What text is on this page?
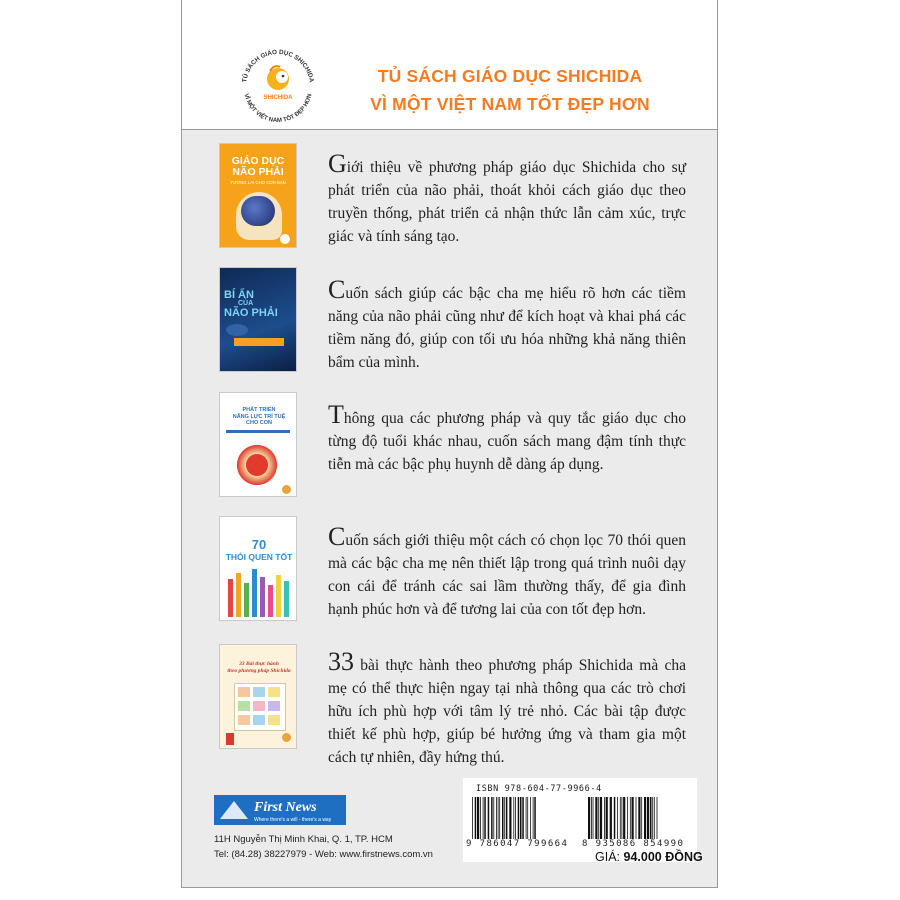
TỦ SÁCH GIÁO DỤC SHICHIDA
VÌ MỘT VIỆT NAM TỐT ĐẸP HƠN
SHICHIDA
TỦ SÁCH GIÁO DỤC SHICHIDA
VÌ MỘT VIỆT NAM TỐT ĐẸP HƠN
GIÁO DỤC
NÃO PHẢI
TƯƠNG LAI CHO CON BẠN
Giới thiệu về phương pháp giáo dục Shichida cho sự phát triển của não phải, thoát khỏi cách giáo dục theo truyền thống, phát triển cả nhận thức lẫn cảm xúc, trực giác và tính sáng tạo.
BÍ ẨN
CỦA
NÃO PHẢI
Cuốn sách giúp các bậc cha mẹ hiểu rõ hơn các tiềm năng của não phải cũng như để kích hoạt và khai phá các tiềm năng đó, giúp con tối ưu hóa những khả năng thiên bẩm của mình.
PHÁT TRIỂN
NĂNG LỰC TRÍ TUỆ
CHO CON	Thông qua các phương pháp và quy tắc giáo dục cho từng độ tuổi khác nhau, cuốn sách mang đậm tính thực tiễn mà các bậc phụ huynh dễ dàng áp dụng.
70
THÓI QUEN TỐT
Cuốn sách giới thiệu một cách có chọn lọc 70 thói quen mà các bậc cha mẹ nên thiết lập trong quá trình nuôi dạy con cái để tránh các sai lầm thường thấy, để gia đình hạnh phúc hơn và để tương lai của con tốt đẹp hơn.
33 Bài thực hành
theo phương pháp Shichida 33 bài thực hành theo phương pháp Shichida mà cha mẹ có thể thực hiện ngay tại nhà thông qua các trò chơi hữu ích phù hợp với tâm lý trẻ nhỏ. Các bài tập được thiết kế phù hợp, giúp bé hưởng ứng và tham gia một cách tự nhiên, đầy hứng thú.
First News
Where there's a will - there's a way
11H Nguyễn Thị Minh Khai, Q. 1, TP. HCM
Tel: (84.28) 38227979 - Web: www.firstnews.com.vn
ISBN 978-604-77-9966-4
9 786047 799664 8 935086 854990
GIÁ: 94.000 ĐỒNG
